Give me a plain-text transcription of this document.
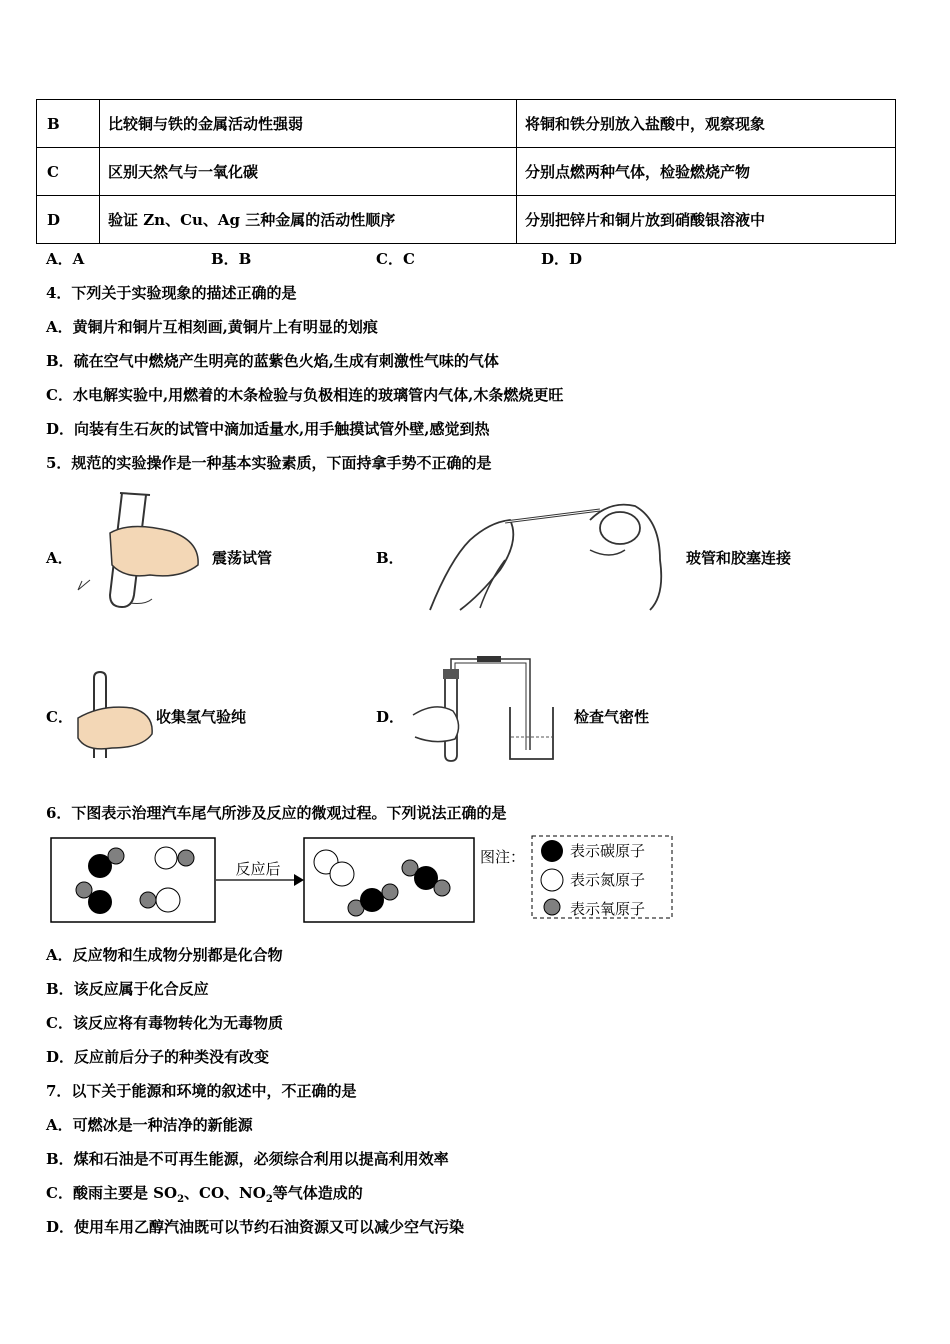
B	比较铜与铁的金属活动性强弱	将铜和铁分别放入盐酸中，观察现象
C	区别天然气与一氧化碳	分别点燃两种气体，检验燃烧产物
D	验证 Zn、Cu、Ag 三种金属的活动性顺序	分别把锌片和铜片放到硝酸银溶液中
A．A	B．B	C．C	D．D
4．下列关于实验现象的描述正确的是
A．黄铜片和铜片互相刻画,黄铜片上有明显的划痕
B．硫在空气中燃烧产生明亮的蓝紫色火焰,生成有刺激性气味的气体
C．水电解实验中,用燃着的木条检验与负极相连的玻璃管内气体,木条燃烧更旺
D．向装有生石灰的试管中滴加适量水,用手触摸试管外壁,感觉到热
5．规范的实验操作是一种基本实验素质，下面持拿手势不正确的是
A．	震荡试管	B．	玻管和胶塞连接
C．	收集氢气验纯	D．	检查气密性
6．下图表示治理汽车尾气所涉及反应的微观过程。下列说法正确的是
反应后
图注：	表示碳原子
表示氮原子
表示氧原子
A．反应物和生成物分别都是化合物
B．该反应属于化合反应
C．该反应将有毒物转化为无毒物质
D．反应前后分子的种类没有改变
7．以下关于能源和环境的叙述中，不正确的是
A．可燃冰是一种洁净的新能源
B．煤和石油是不可再生能源，必须综合利用以提高利用效率
C．酸雨主要是 $SO_2$、CO、$NO_2$等气体造成的
D．使用车用乙醇汽油既可以节约石油资源又可以减少空气污染
